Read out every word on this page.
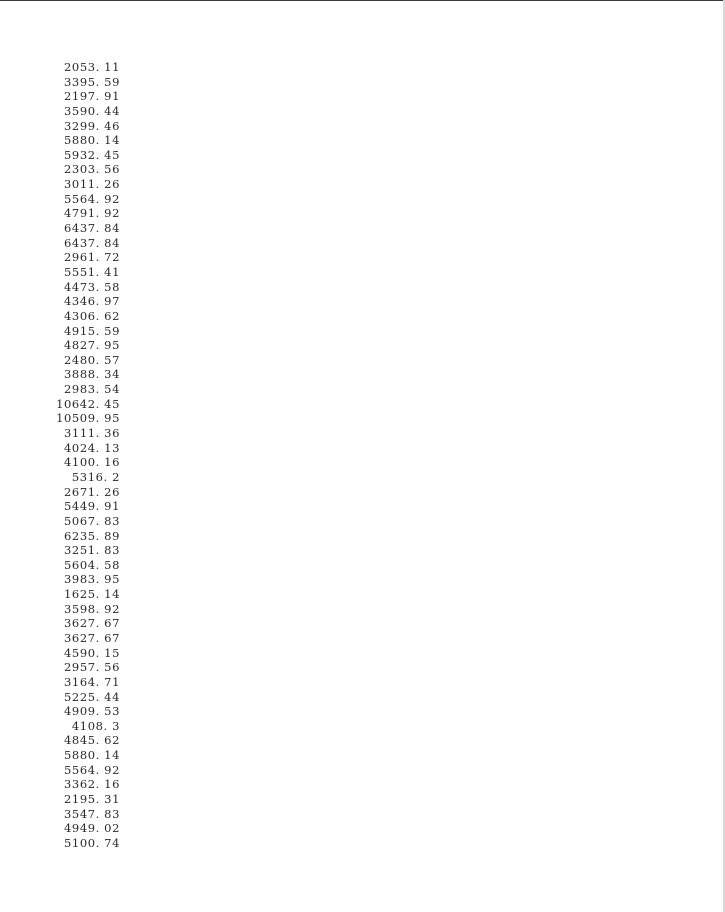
2053. 11
3395. 59
2197. 91
3590. 44
3299. 46
5880. 14
5932. 45
2303. 56
3011. 26
5564. 92
4791. 92
6437. 84
6437. 84
2961. 72
5551. 41
4473. 58
4346. 97
4306. 62
4915. 59
4827. 95
2480. 57
3888. 34
2983. 54
10642. 45
10509. 95
3111. 36
4024. 13
4100. 16
5316. 2
2671. 26
5449. 91
5067. 83
6235. 89
3251. 83
5604. 58
3983. 95
1625. 14
3598. 92
3627. 67
3627. 67
4590. 15
2957. 56
3164. 71
5225. 44
4909. 53
4108. 3
4845. 62
5880. 14
5564. 92
3362. 16
2195. 31
3547. 83
4949. 02
5100. 74
